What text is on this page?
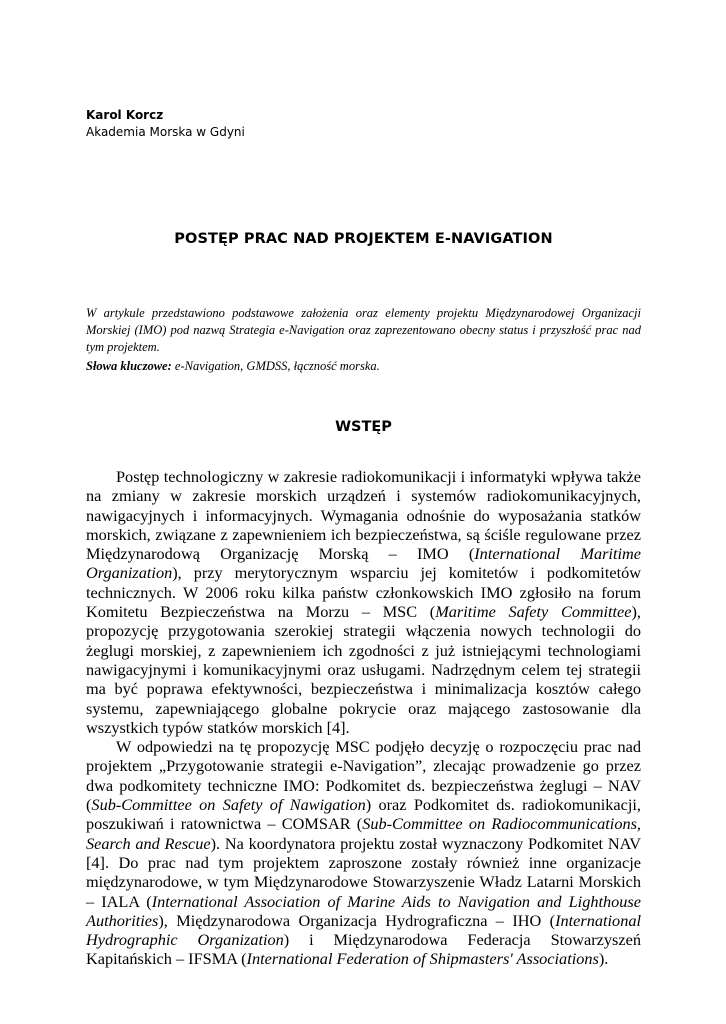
Karol Korcz
Akademia Morska w Gdyni
POSTĘP PRAC NAD PROJEKTEM E-NAVIGATION

W artykule przedstawiono podstawowe założenia oraz elementy projektu Międzynarodowej Organizacji Morskiej (IMO) pod nazwą Strategia e-Navigation oraz zaprezentowano obecny status i przyszłość prac nad tym projektem.

Słowa kluczowe: e-Navigation, GMDSS, łączność morska.
WSTĘP

Postęp technologiczny w zakresie radiokomunikacji i informatyki wpływa także na zmiany w zakresie morskich urządzeń i systemów radiokomunikacyjnych, nawigacyjnych i informacyjnych. Wymagania odnośnie do wyposażania statków morskich, związane z zapewnieniem ich bezpieczeństwa, są ściśle regulowane przez Międzynarodową Organizację Morską – IMO (International Maritime Organization), przy merytorycznym wsparciu jej komitetów i podkomitetów technicznych. W 2006 roku kilka państw członkowskich IMO zgłosiło na forum Komitetu Bezpieczeństwa na Morzu – MSC (Maritime Safety Committee), propozycję przygotowania szerokiej strategii włączenia nowych technologii do żeglugi morskiej, z zapewnieniem ich zgodności z już istniejącymi technologiami nawigacyjnymi i komunikacyjnymi oraz usługami. Nadrzędnym celem tej strategii ma być poprawa efektywności, bezpieczeństwa i minimalizacja kosztów całego systemu, zapewniającego globalne pokrycie oraz mającego zastosowanie dla wszystkich typów statków morskich [4].

W odpowiedzi na tę propozycję MSC podjęło decyzję o rozpoczęciu prac nad projektem „Przygotowanie strategii e-Navigation”, zlecając prowadzenie go przez dwa podkomitety techniczne IMO: Podkomitet ds. bezpieczeństwa żeglugi – NAV (Sub-Committee on Safety of Nawigation) oraz Podkomitet ds. radiokomunikacji, poszukiwań i ratownictwa – COMSAR (Sub-Committee on Radiocommunications, Search and Rescue). Na koordynatora projektu został wyznaczony Podkomitet NAV [4]. Do prac nad tym projektem zaproszone zostały również inne organizacje międzynarodowe, w tym Międzynarodowe Stowarzyszenie Władz Latarni Morskich – IALA (International Association of Marine Aids to Navigation and Lighthouse Authorities), Międzynarodowa Organizacja Hydrograficzna – IHO (International Hydrographic Organization) i Międzynarodowa Federacja Stowarzyszeń Kapitańskich – IFSMA (International Federation of Shipmasters' Associations).
